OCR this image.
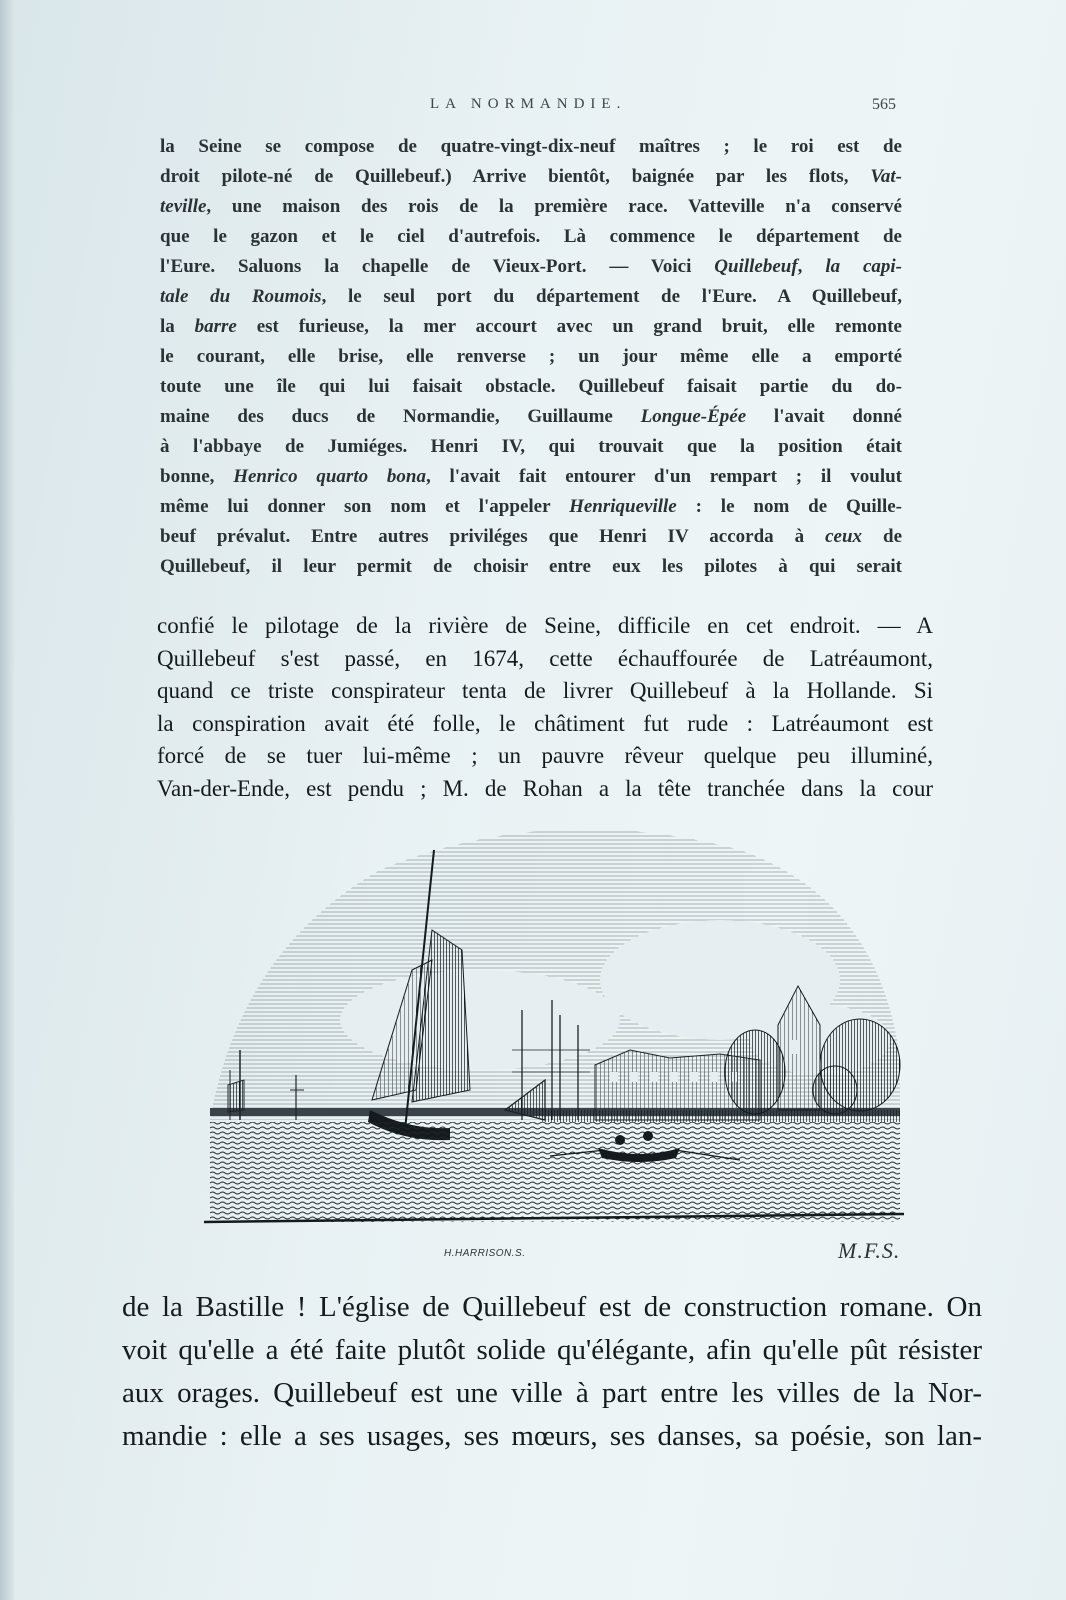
LA NORMANDIE.	565
la Seine se compose de quatre-vingt-dix-neuf maîtres ; le roi est de
droit pilote-né de Quillebeuf.) Arrive bientôt, baignée par les flots, Vat-
teville, une maison des rois de la première race. Vatteville n'a conservé
que le gazon et le ciel d'autrefois. Là commence le département de
l'Eure. Saluons la chapelle de Vieux-Port. — Voici Quillebeuf, la capi-
tale du Roumois, le seul port du département de l'Eure. A Quillebeuf,
la barre est furieuse, la mer accourt avec un grand bruit, elle remonte
le courant, elle brise, elle renverse ; un jour même elle a emporté
toute une île qui lui faisait obstacle. Quillebeuf faisait partie du do-
maine des ducs de Normandie, Guillaume Longue-Épée l'avait donné
à l'abbaye de Jumiéges. Henri IV, qui trouvait que la position était
bonne, Henrico quarto bona, l'avait fait entourer d'un rempart ; il voulut
même lui donner son nom et l'appeler Henriqueville : le nom de Quille-
beuf prévalut. Entre autres priviléges que Henri IV accorda à ceux de
Quillebeuf, il leur permit de choisir entre eux les pilotes à qui serait
confié le pilotage de la rivière de Seine, difficile en cet endroit. — A
Quillebeuf s'est passé, en 1674, cette échauffourée de Latréaumont,
quand ce triste conspirateur tenta de livrer Quillebeuf à la Hollande. Si
la conspiration avait été folle, le châtiment fut rude : Latréaumont est
forcé de se tuer lui-même ; un pauvre rêveur quelque peu illuminé,
Van-der-Ende, est pendu ; M. de Rohan a la tête tranchée dans la cour
H.HARRISON.S.	M.F.S.
de la Bastille ! L'église de Quillebeuf est de construction romane. On
voit qu'elle a été faite plutôt solide qu'élégante, afin qu'elle pût résister
aux orages. Quillebeuf est une ville à part entre les villes de la Nor-
mandie : elle a ses usages, ses mœurs, ses danses, sa poésie, son lan-
